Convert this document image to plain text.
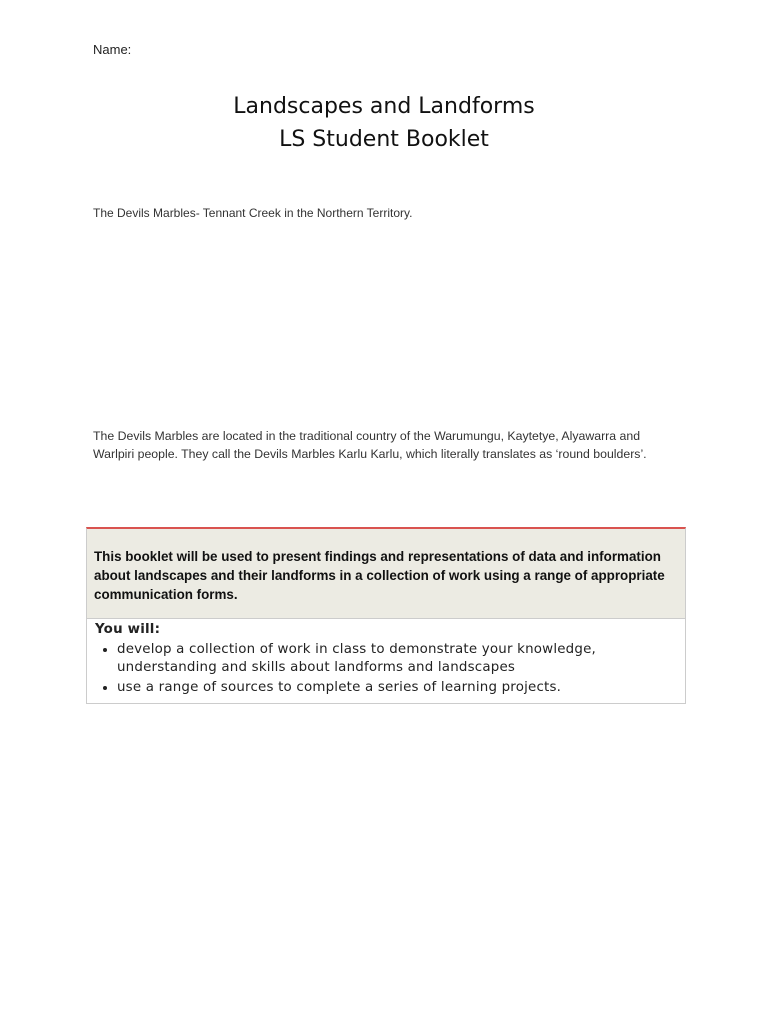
Name:
Landscapes and Landforms
LS Student Booklet
The Devils Marbles- Tennant Creek in the Northern Territory.
The Devils Marbles are located in the traditional country of the Warumungu, Kaytetye, Alyawarra and Warlpiri people. They call the Devils Marbles Karlu Karlu, which literally translates as ‘round boulders’.
This booklet will be used to present findings and representations of data and information about landscapes and their landforms in a collection of work using a range of appropriate communication forms.
You will:
• develop a collection of work in class to demonstrate your knowledge, understanding and skills about landforms and landscapes
• use a range of sources to complete a series of learning projects.
